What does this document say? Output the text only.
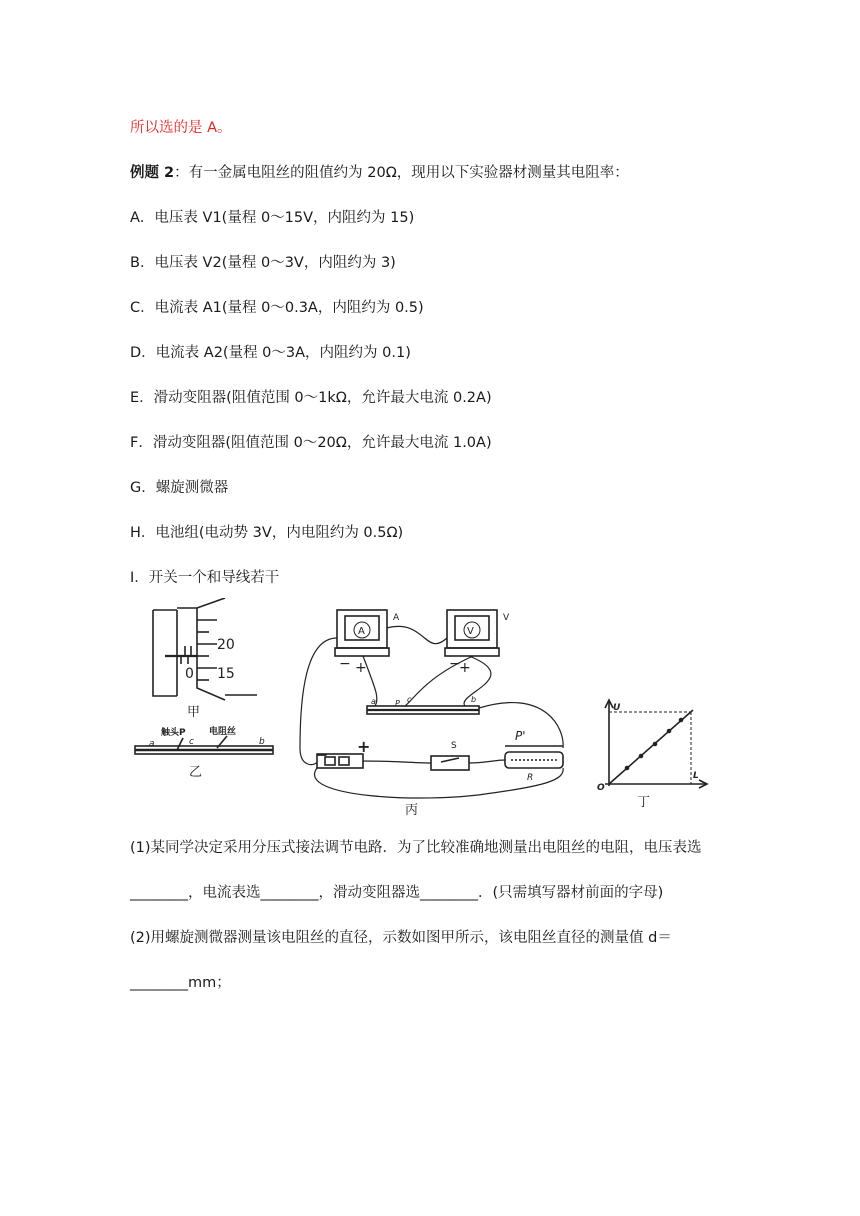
所以选的是 A。
例题 2：有一金属电阻丝的阻值约为 20Ω，现用以下实验器材测量其电阻率：
A．电压表 V1(量程 0～15V，内阻约为 15)
B．电压表 V2(量程 0～3V，内阻约为 3)
C．电流表 A1(量程 0～0.3A，内阻约为 0.5)
D．电流表 A2(量程 0～3A，内阻约为 0.1)
E．滑动变阻器(阻值范围 0～1kΩ，允许最大电流 0.2A)
F．滑动变阻器(阻值范围 0～20Ω，允许最大电流 1.0A)
G．螺旋测微器
H．电池组(电动势 3V，内电阻约为 0.5Ω)
I．开关一个和导线若干
20
0 15
甲
触头P	电阻丝
a	c	b
乙
A	V
A	V
− +	−
+
P c
a	b
− +	S
P'
R
丙
U
L
O
丁
(1)某同学决定采用分压式接法调节电路．为了比较准确地测量出电阻丝的电阻，电压表选
________，电流表选________，滑动变阻器选________．(只需填写器材前面的字母)
(2)用螺旋测微器测量该电阻丝的直径，示数如图甲所示，该电阻丝直径的测量值 d＝
________mm；
